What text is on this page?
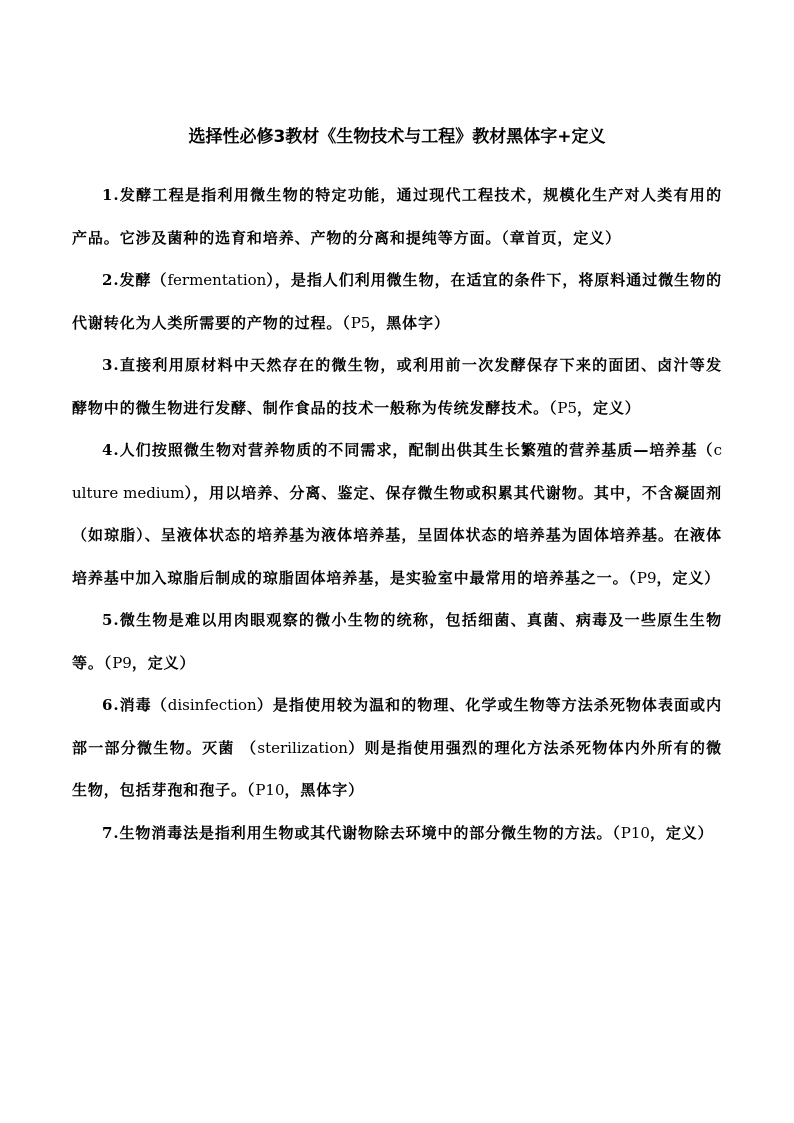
选择性必修3教材《生物技术与工程》教材黑体字+定义

1.发酵工程是指利用微生物的特定功能，通过现代工程技术，规模化生产对人类有用的产品。它涉及菌种的选育和培养、产物的分离和提纯等方面。（章首页，定义）

2.发酵（fermentation），是指人们利用微生物，在适宜的条件下，将原料通过微生物的代谢转化为人类所需要的产物的过程。（P5，黑体字）

3.直接利用原材料中天然存在的微生物，或利用前一次发酵保存下来的面团、卤汁等发酵物中的微生物进行发酵、制作食品的技术一般称为传统发酵技术。（P5，定义）

4.人们按照微生物对营养物质的不同需求，配制出供其生长繁殖的营养基质—培养基（culture medium），用以培养、分离、鉴定、保存微生物或积累其代谢物。其中，不含凝固剂（如琼脂）、呈液体状态的培养基为液体培养基，呈固体状态的培养基为固体培养基。在液体培养基中加入琼脂后制成的琼脂固体培养基，是实验室中最常用的培养基之一。（P9，定义）

5.微生物是难以用肉眼观察的微小生物的统称，包括细菌、真菌、病毒及一些原生生物等。（P9，定义）

6.消毒（disinfection）是指使用较为温和的物理、化学或生物等方法杀死物体表面或内部一部分微生物。灭菌 （sterilization）则是指使用强烈的理化方法杀死物体内外所有的微生物，包括芽孢和孢子。（P10，黑体字）

7.生物消毒法是指利用生物或其代谢物除去环境中的部分微生物的方法。（P10，定义）
